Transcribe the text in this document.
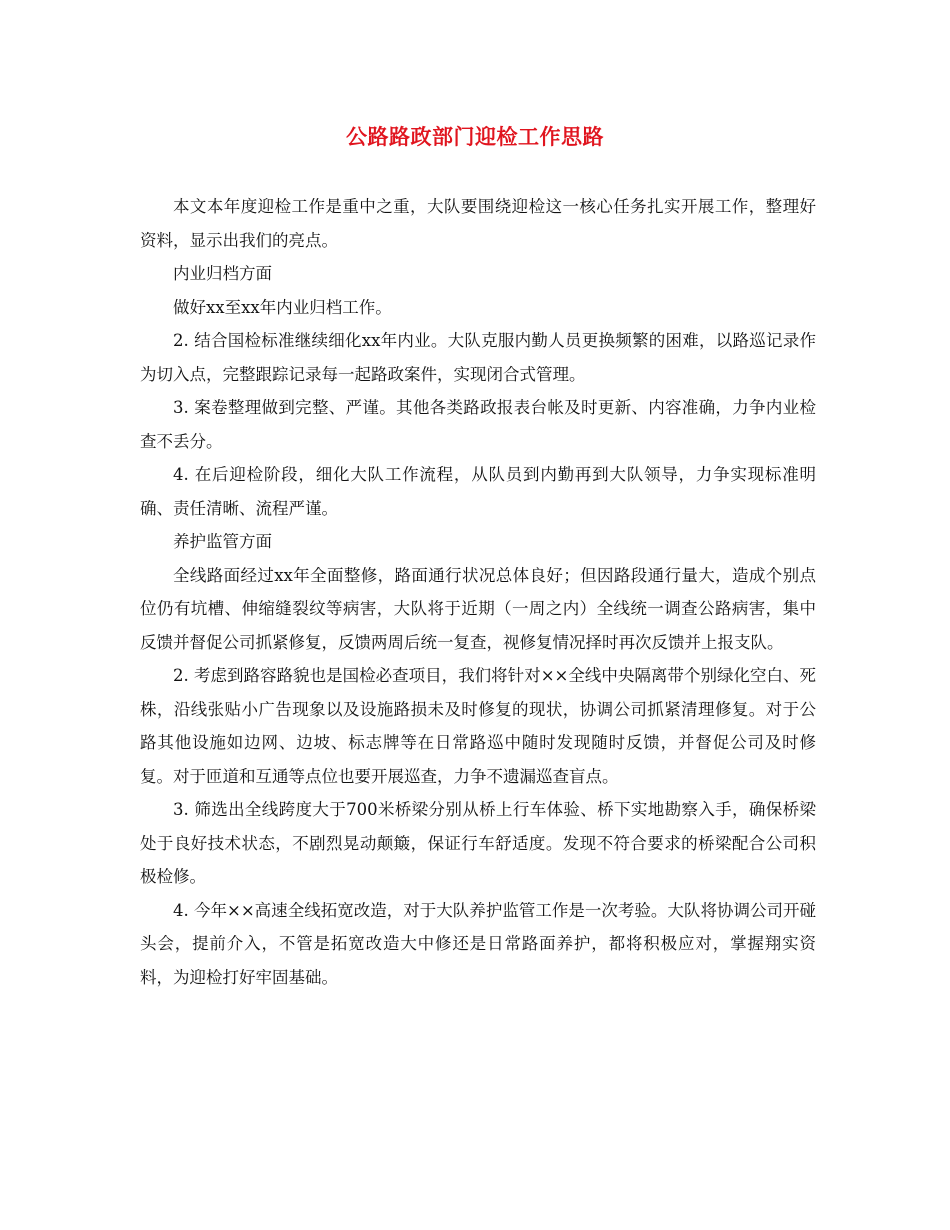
公路路政部门迎检工作思路

本文本年度迎检工作是重中之重，大队要围绕迎检这一核心任务扎实开展工作，整理好资料，显示出我们的亮点。

内业归档方面

做好xx至xx年内业归档工作。

2. 结合国检标准继续细化xx年内业。大队克服内勤人员更换频繁的困难，以路巡记录作为切入点，完整跟踪记录每一起路政案件，实现闭合式管理。

3. 案卷整理做到完整、严谨。其他各类路政报表台帐及时更新、内容准确，力争内业检查不丢分。

4. 在后迎检阶段，细化大队工作流程，从队员到内勤再到大队领导，力争实现标准明确、责任清晰、流程严谨。

养护监管方面

全线路面经过xx年全面整修，路面通行状况总体良好；但因路段通行量大，造成个别点位仍有坑槽、伸缩缝裂纹等病害，大队将于近期（一周之内）全线统一调查公路病害，集中反馈并督促公司抓紧修复，反馈两周后统一复查，视修复情况择时再次反馈并上报支队。

2. 考虑到路容路貌也是国检必查项目，我们将针对××全线中央隔离带个别绿化空白、死株，沿线张贴小广告现象以及设施路损未及时修复的现状，协调公司抓紧清理修复。对于公路其他设施如边网、边坡、标志牌等在日常路巡中随时发现随时反馈，并督促公司及时修复。对于匝道和互通等点位也要开展巡查，力争不遗漏巡查盲点。

3. 筛选出全线跨度大于700米桥梁分别从桥上行车体验、桥下实地勘察入手，确保桥梁处于良好技术状态，不剧烈晃动颠簸，保证行车舒适度。发现不符合要求的桥梁配合公司积极检修。

4. 今年××高速全线拓宽改造，对于大队养护监管工作是一次考验。大队将协调公司开碰头会，提前介入，不管是拓宽改造大中修还是日常路面养护，都将积极应对，掌握翔实资料，为迎检打好牢固基础。
